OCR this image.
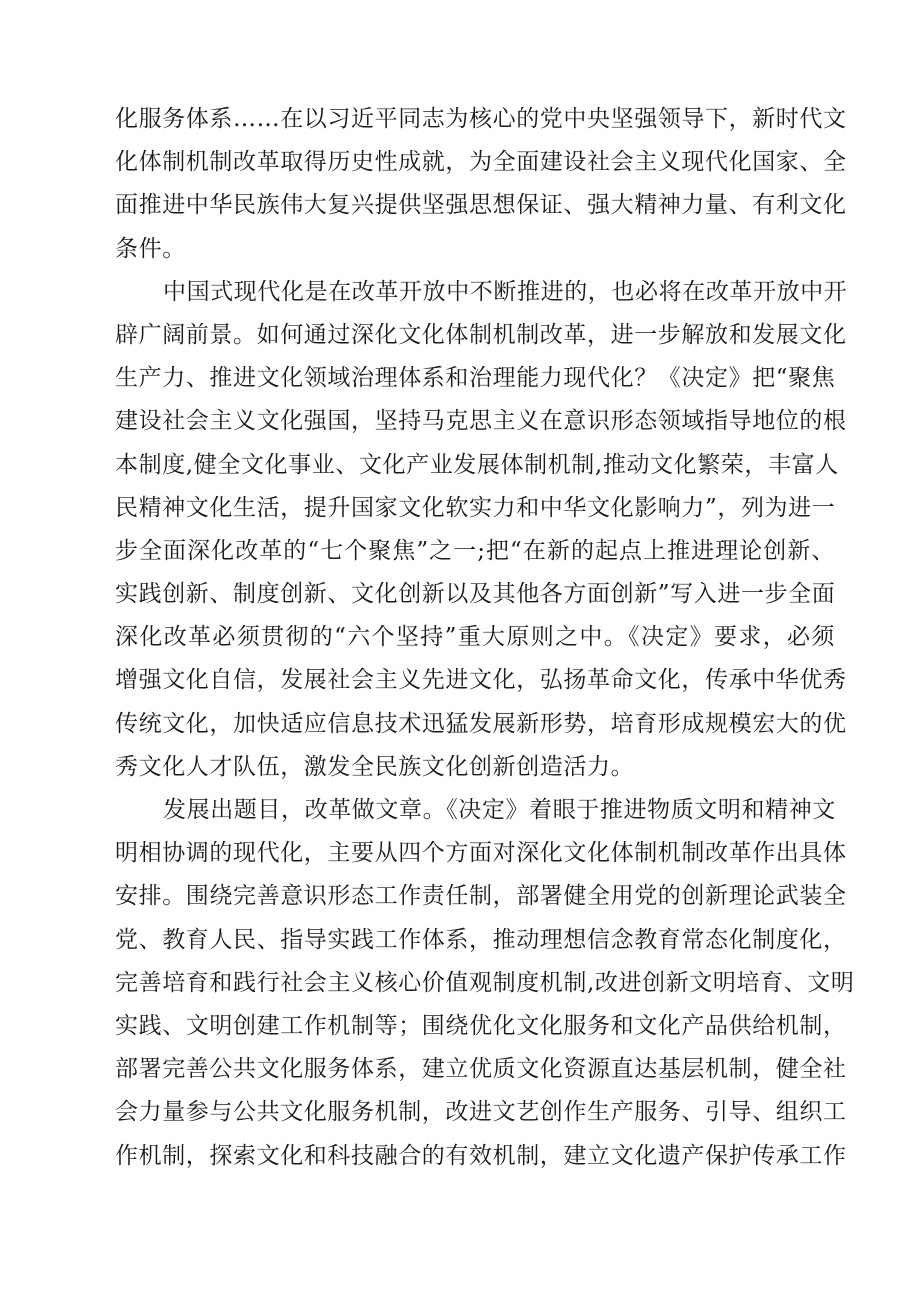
化服务体系……在以习近平同志为核心的党中央坚强领导下，新时代文
化体制机制改革取得历史性成就，为全面建设社会主义现代化国家、全
面推进中华民族伟大复兴提供坚强思想保证、强大精神力量、有利文化
条件。
中国式现代化是在改革开放中不断推进的，也必将在改革开放中开
辟广阔前景。如何通过深化文化体制机制改革，进一步解放和发展文化
生产力、推进文化领域治理体系和治理能力现代化？《决定》把“聚焦
建设社会主义文化强国，坚持马克思主义在意识形态领域指导地位的根
本制度,健全文化事业、文化产业发展体制机制,推动文化繁荣，丰富人
民精神文化生活，提升国家文化软实力和中华文化影响力”，列为进一
步全面深化改革的“七个聚焦”之一;把“在新的起点上推进理论创新、
实践创新、制度创新、文化创新以及其他各方面创新”写入进一步全面
深化改革必须贯彻的“六个坚持”重大原则之中。《决定》要求，必须
增强文化自信，发展社会主义先进文化，弘扬革命文化，传承中华优秀
传统文化，加快适应信息技术迅猛发展新形势，培育形成规模宏大的优
秀文化人才队伍，激发全民族文化创新创造活力。
发展出题目，改革做文章。《决定》着眼于推进物质文明和精神文
明相协调的现代化，主要从四个方面对深化文化体制机制改革作出具体
安排。围绕完善意识形态工作责任制，部署健全用党的创新理论武装全
党、教育人民、指导实践工作体系，推动理想信念教育常态化制度化，
完善培育和践行社会主义核心价值观制度机制,改进创新文明培育、文明
实践、文明创建工作机制等；围绕优化文化服务和文化产品供给机制，
部署完善公共文化服务体系，建立优质文化资源直达基层机制，健全社
会力量参与公共文化服务机制，改进文艺创作生产服务、引导、组织工
作机制，探索文化和科技融合的有效机制，建立文化遗产保护传承工作
